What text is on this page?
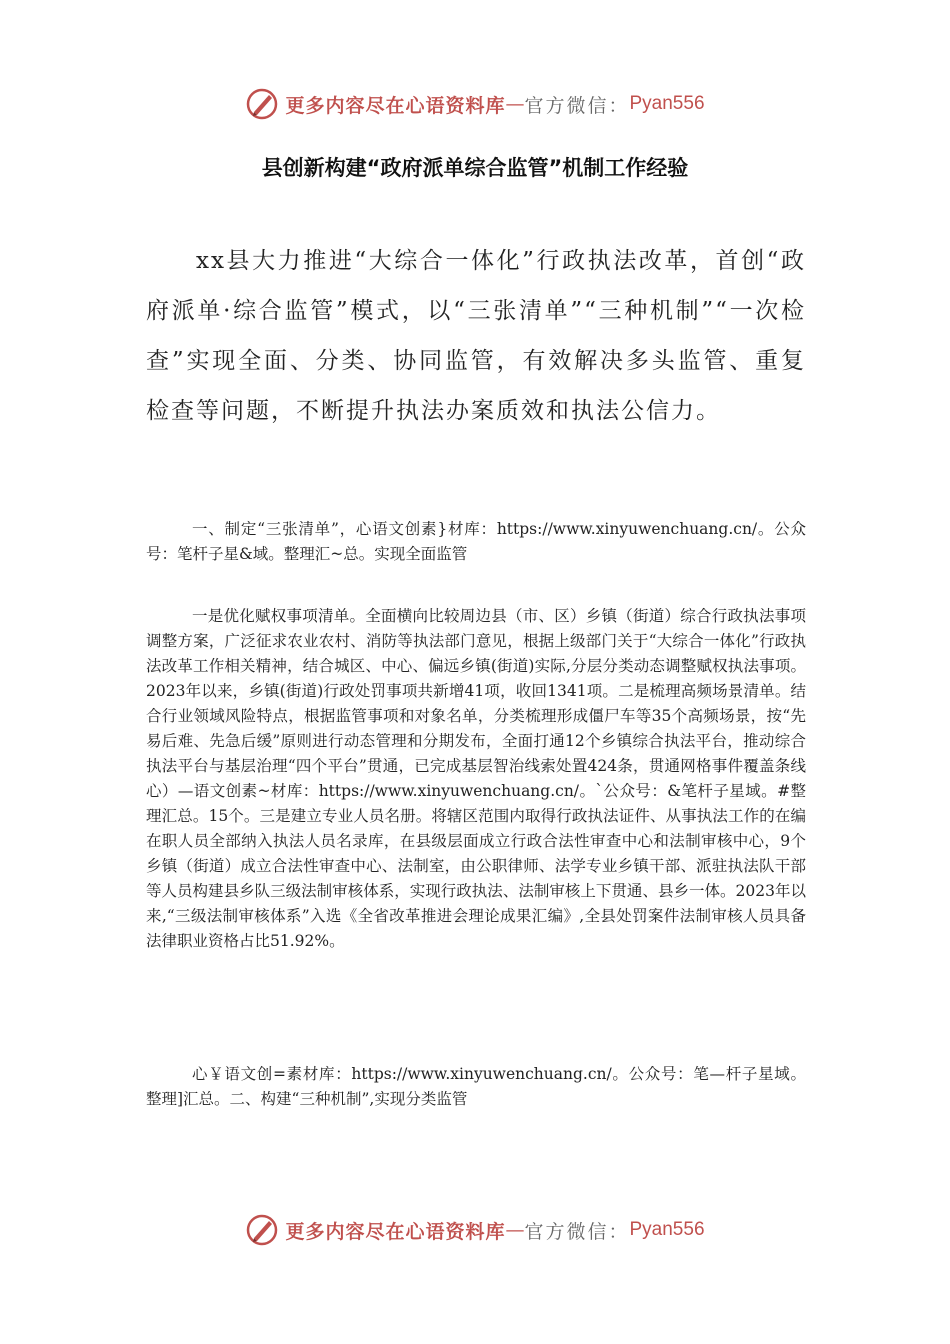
更多内容尽在心语资料库 — 官方微信： Pyan556
县创新构建“政府派单综合监管”机制工作经验

xx县大力推进“大综合一体化”行政执法改革，首创“政府派单·综合监管”模式，以“三张清单”“三种机制”“一次检查”实现全面、分类、协同监管，有效解决多头监管、重复检查等问题，不断提升执法办案质效和执法公信力。

一、制定“三张清单”，心语文创素}材库：https://www.xinyuwenchuang.cn/。公众号：笔杆子星&域。整理汇~总。实现全面监管

一是优化赋权事项清单。全面横向比较周边县（市、区）乡镇（街道）综合行政执法事项调整方案，广泛征求农业农村、消防等执法部门意见，根据上级部门关于“大综合一体化”行政执法改革工作相关精神，结合城区、中心、偏远乡镇(街道)实际,分层分类动态调整赋权执法事项。2023年以来，乡镇(街道)行政处罚事项共新增41项，收回1341项。二是梳理高频场景清单。结合行业领域风险特点，根据监管事项和对象名单，分类梳理形成僵尸车等35个高频场景，按“先易后难、先急后缓”原则进行动态管理和分期发布，全面打通12个乡镇综合执法平台，推动综合执法平台与基层治理“四个平台”贯通，已完成基层智治线索处置424条，贯通网格事件覆盖条线心）—语文创素~材库：https://www.xinyuwenchuang.cn/。`公众号：&笔杆子星域。#整理汇总。15个。三是建立专业人员名册。将辖区范围内取得行政执法证件、从事执法工作的在编在职人员全部纳入执法人员名录库，在县级层面成立行政合法性审查中心和法制审核中心，9个乡镇（街道）成立合法性审查中心、法制室，由公职律师、法学专业乡镇干部、派驻执法队干部等人员构建县乡队三级法制审核体系，实现行政执法、法制审核上下贯通、县乡一体。2023年以来,“三级法制审核体系”入选《全省改革推进会理论成果汇编》,全县处罚案件法制审核人员具备法律职业资格占比51.92%。

心￥语文创=素材库：https://www.xinyuwenchuang.cn/。公众号：笔—杆子星域。整理]汇总。二、构建“三种机制”,实现分类监管

更多内容尽在心语资料库 — 官方微信： Pyan556
